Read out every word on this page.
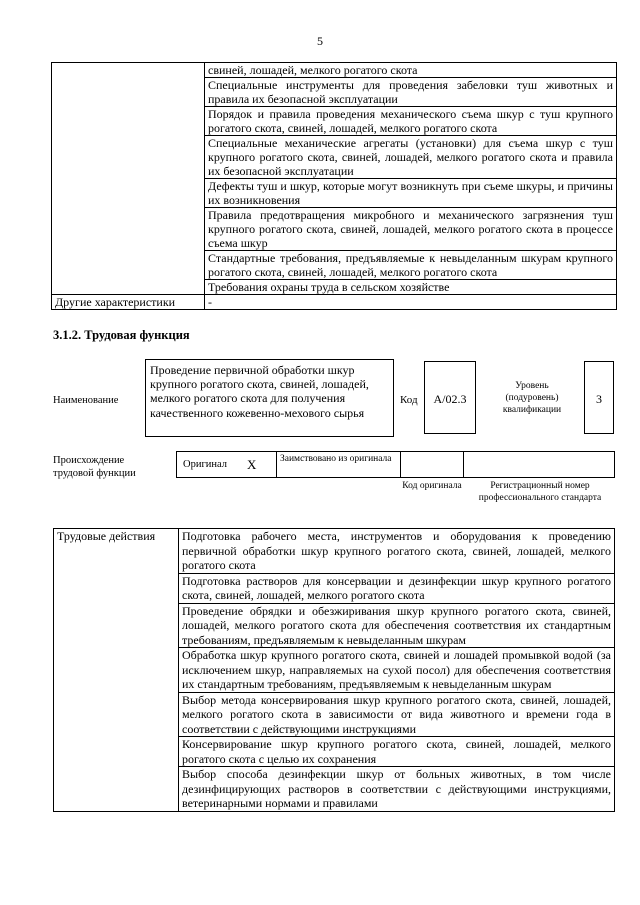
5
	свиней, лошадей, мелкого рогатого скота
	Специальные инструменты для проведения забеловки туш животных и правила их безопасной эксплуатации
	Порядок и правила проведения механического съема шкур с туш крупного рогатого скота, свиней, лошадей, мелкого рогатого скота
	Специальные механические агрегаты (установки) для съема шкур с туш крупного рогатого скота, свиней, лошадей, мелкого рогатого скота и правила их безопасной эксплуатации
	Дефекты туш и шкур, которые могут возникнуть при съеме шкуры, и причины их возникновения
	Правила предотвращения микробного и механического загрязнения туш крупного рогатого скота, свиней, лошадей, мелкого рогатого скота в процессе съема шкур
	Стандартные требования, предъявляемые к невыделанным шкурам крупного рогатого скота, свиней, лошадей, мелкого рогатого скота
	Требования охраны труда в сельском хозяйстве
Другие характеристики	-
3.1.2. Трудовая функция
Наименование
Проведение первичной обработки шкур крупного рогатого скота, свиней, лошадей, мелкого рогатого скота для получения качественного кожевенно-мехового сырья
Код	A/02.3
Уровень (подуровень) квалификации
3
Происхождение трудовой функции
Оригинал X Заимствовано из оригинала
Код оригинала	Регистрационный номер профессионального стандарта
Трудовые действия	Подготовка рабочего места, инструментов и оборудования к проведению первичной обработки шкур крупного рогатого скота, свиней, лошадей, мелкого рогатого скота
Подготовка растворов для консервации и дезинфекции шкур крупного рогатого скота, свиней, лошадей, мелкого рогатого скота
Проведение обрядки и обезжиривания шкур крупного рогатого скота, свиней, лошадей, мелкого рогатого скота для обеспечения соответствия их стандартным требованиям, предъявляемым к невыделанным шкурам
Обработка шкур крупного рогатого скота, свиней и лошадей промывкой водой (за исключением шкур, направляемых на сухой посол) для обеспечения соответствия их стандартным требованиям, предъявляемым к невыделанным шкурам
Выбор метода консервирования шкур крупного рогатого скота, свиней, лошадей, мелкого рогатого скота в зависимости от вида животного и времени года в соответствии с действующими инструкциями
Консервирование шкур крупного рогатого скота, свиней, лошадей, мелкого рогатого скота с целью их сохранения
Выбор способа дезинфекции шкур от больных животных, в том числе дезинфицирующих растворов в соответствии с действующими инструкциями, ветеринарными нормами и правилами
